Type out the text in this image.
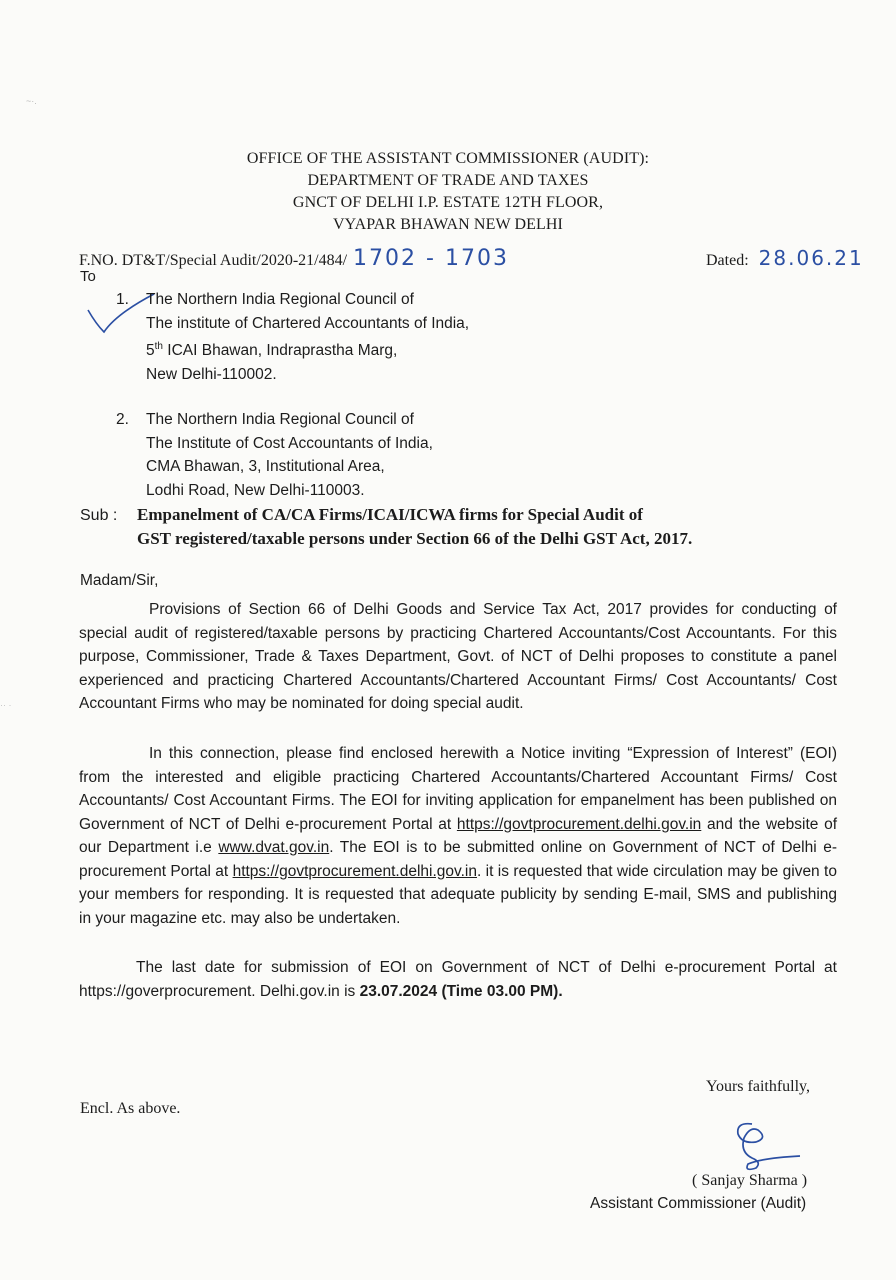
~·.
·· ·
OFFICE OF THE ASSISTANT COMMISSIONER (AUDIT):
DEPARTMENT OF TRADE AND TAXES
GNCT OF DELHI I.P. ESTATE 12TH FLOOR,
VYAPAR BHAWAN NEW DELHI
F.NO. DT&T/Special Audit/2020-21/484/ 1702 - 1703	Dated: 28.06.21
To
1. The Northern India Regional Council of
The institute of Chartered Accountants of India,
5th ICAI Bhawan, Indraprastha Marg,
New Delhi-110002.
2. The Northern India Regional Council of
The Institute of Cost Accountants of India,
CMA Bhawan, 3, Institutional Area,
Lodhi Road, New Delhi-110003.
Sub : Empanelment of CA/CA Firms/ICAI/ICWA firms for Special Audit of
GST registered/taxable persons under Section 66 of the Delhi GST Act, 2017.
Madam/Sir,
Provisions of Section 66 of Delhi Goods and Service Tax Act, 2017 provides for conducting of special audit of registered/taxable persons by practicing Chartered Accountants/Cost Accountants. For this purpose, Commissioner, Trade & Taxes Department, Govt. of NCT of Delhi proposes to constitute a panel experienced and practicing Chartered Accountants/Chartered Accountant Firms/ Cost Accountants/ Cost Accountant Firms who may be nominated for doing special audit.
In this connection, please find enclosed herewith a Notice inviting “Expression of Interest” (EOI) from the interested and eligible practicing Chartered Accountants/Chartered Accountant Firms/ Cost Accountants/ Cost Accountant Firms. The EOI for inviting application for empanelment has been published on Government of NCT of Delhi e-procurement Portal at https://govtprocurement.delhi.gov.in and the website of our Department i.e www.dvat.gov.in. The EOI is to be submitted online on Government of NCT of Delhi e-procurement Portal at https://govtprocurement.delhi.gov.in. it is requested that wide circulation may be given to your members for responding. It is requested that adequate publicity by sending E-mail, SMS and publishing in your magazine etc. may also be undertaken.
The last date for submission of EOI on Government of NCT of Delhi e-procurement Portal at https://goverprocurement. Delhi.gov.in is 23.07.2024 (Time 03.00 PM).
Yours faithfully,
Encl. As above.
( Sanjay Sharma )
Assistant Commissioner (Audit)
